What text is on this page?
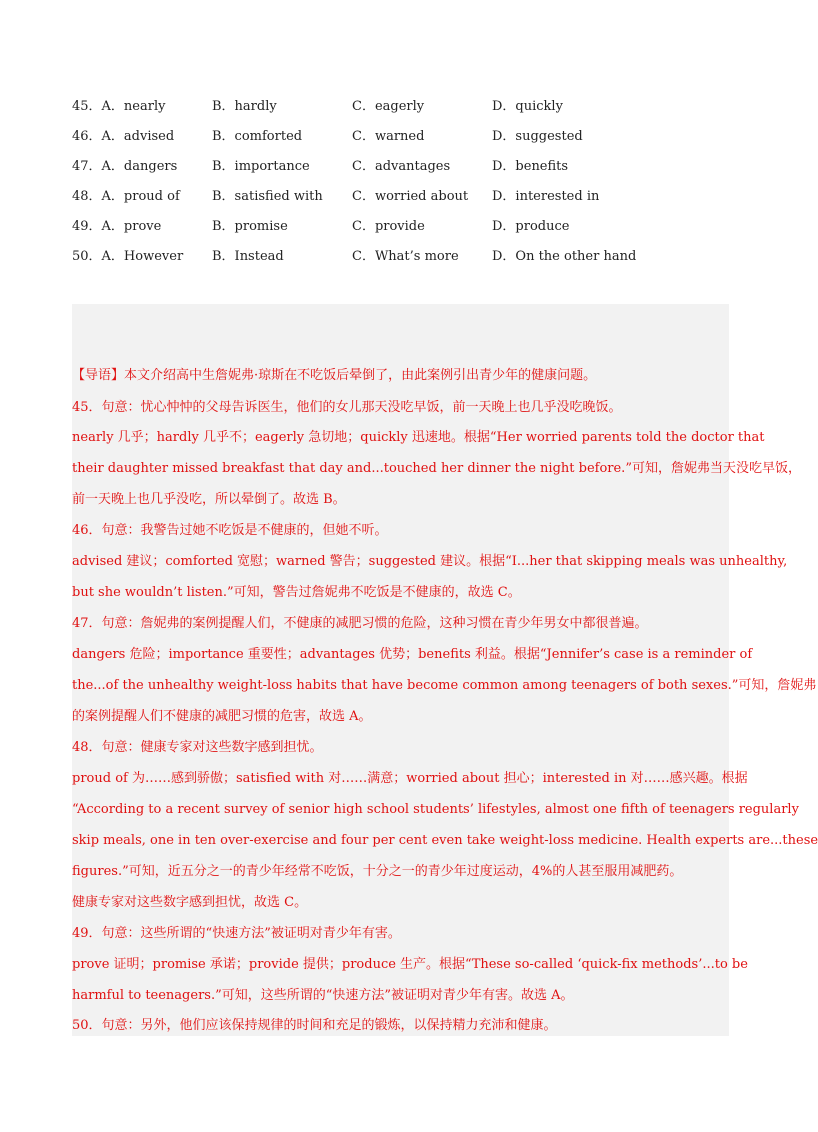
45．A．nearly	B．hardly	C．eagerly	D．quickly
46．A．advised	B．comforted	C．warned	D．suggested
47．A．dangers	B．importance	C．advantages	D．benefits
48．A．proud of B．satisfied with C．worried about D．interested in
49．A．prove	B．promise	C．provide	D．produce
50．A．However B．Instead	C．What’s more	D．On the other hand
【导语】本文介绍高中生詹妮弗·琼斯在不吃饭后晕倒了，由此案例引出青少年的健康问题。
45．句意：忧心忡忡的父母告诉医生，他们的女儿那天没吃早饭，前一天晚上也几乎没吃晚饭。
nearly 几乎；hardly 几乎不；eagerly 急切地；quickly 迅速地。根据“Her worried parents told the doctor that
their daughter missed breakfast that day and...touched her dinner the night before.”可知，詹妮弗当天没吃早饭，
前一天晚上也几乎没吃，所以晕倒了。故选 B。
46．句意：我警告过她不吃饭是不健康的，但她不听。
advised 建议；comforted 宽慰；warned 警告；suggested 建议。根据“I...her that skipping meals was unhealthy,
but she wouldn’t listen.”可知，警告过詹妮弗不吃饭是不健康的，故选 C。
47．句意：詹妮弗的案例提醒人们，不健康的减肥习惯的危险，这种习惯在青少年男女中都很普遍。
dangers 危险；importance 重要性；advantages 优势；benefits 利益。根据“Jennifer’s case is a reminder of
the...of the unhealthy weight-loss habits that have become common among teenagers of both sexes.”可知，詹妮弗
的案例提醒人们不健康的减肥习惯的危害，故选 A。
48．句意：健康专家对这些数字感到担忧。
proud of 为……感到骄傲；satisfied with 对……满意；worried about 担心；interested in 对……感兴趣。根据
“According to a recent survey of senior high school students’ lifestyles, almost one fifth of teenagers regularly
skip meals, one in ten over-exercise and four per cent even take weight-loss medicine. Health experts are...these
figures.”可知，近五分之一的青少年经常不吃饭，十分之一的青少年过度运动，4%的人甚至服用减肥药。
健康专家对这些数字感到担忧，故选 C。
49．句意：这些所谓的“快速方法”被证明对青少年有害。
prove 证明；promise 承诺；provide 提供；produce 生产。根据“These so-called ‘quick-fix methods’...to be
harmful to teenagers.”可知，这些所谓的“快速方法”被证明对青少年有害。故选 A。
50．句意：另外，他们应该保持规律的时间和充足的锻炼，以保持精力充沛和健康。
